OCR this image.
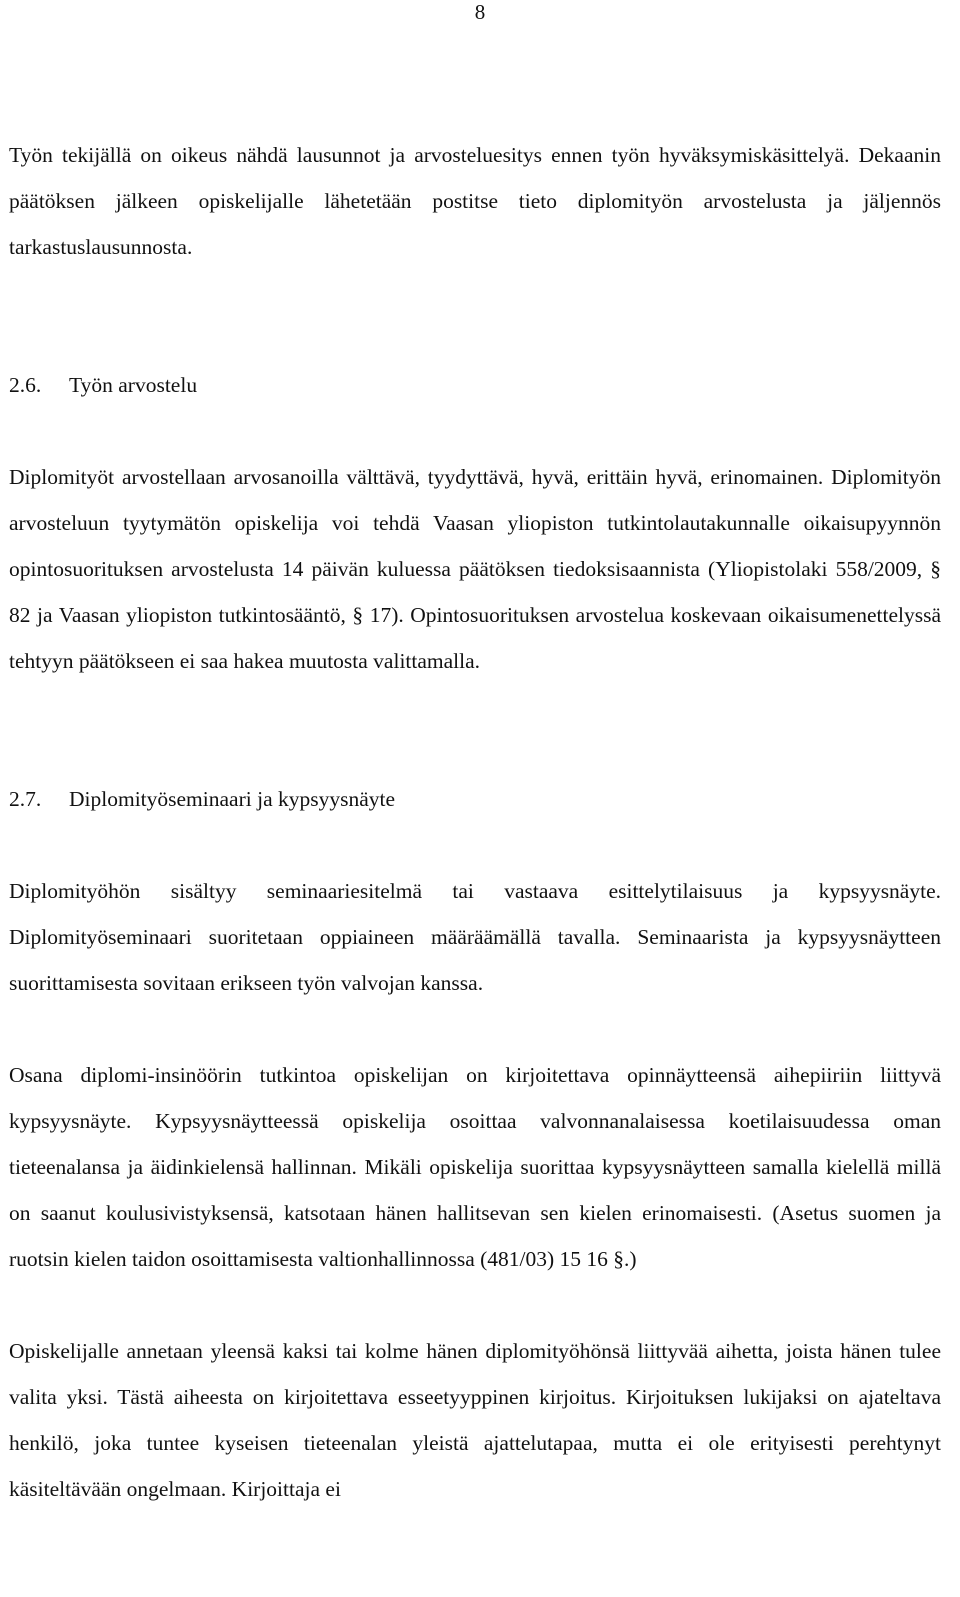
8

Työn tekijällä on oikeus nähdä lausunnot ja arvosteluesitys ennen työn hyväksymiskäsittelyä. Dekaanin päätöksen jälkeen opiskelijalle lähetetään postitse tieto diplomityön arvostelusta ja jäljennös tarkastuslausunnosta.

2.6. Työn arvostelu

Diplomityöt arvostellaan arvosanoilla välttävä, tyydyttävä, hyvä, erittäin hyvä, erinomainen. Diplomityön arvosteluun tyytymätön opiskelija voi tehdä Vaasan yliopiston tutkintolautakunnalle oikaisupyynnön opintosuorituksen arvostelusta 14 päivän kuluessa päätöksen tiedoksisaannista (Yliopistolaki 558/2009, § 82 ja Vaasan yliopiston tutkintosääntö, § 17). Opintosuorituksen arvostelua koskevaan oikaisumenettelyssä tehtyyn päätökseen ei saa hakea muutosta valittamalla.

2.7. Diplomityöseminaari ja kypsyysnäyte

Diplomityöhön sisältyy seminaariesitelmä tai vastaava esittelytilaisuus ja kypsyysnäyte. Diplomityöseminaari suoritetaan oppiaineen määräämällä tavalla. Seminaarista ja kypsyysnäytteen suorittamisesta sovitaan erikseen työn valvojan kanssa.

Osana diplomi-insinöörin tutkintoa opiskelijan on kirjoitettava opinnäytteensä aihepiiriin liittyvä kypsyysnäyte. Kypsyysnäytteessä opiskelija osoittaa valvonnanalaisessa koetilaisuudessa oman tieteenalansa ja äidinkielensä hallinnan. Mikäli opiskelija suorittaa kypsyysnäytteen samalla kielellä millä on saanut koulusivistyksensä, katsotaan hänen hallitsevan sen kielen erinomaisesti. (Asetus suomen ja ruotsin kielen taidon osoittamisesta valtionhallinnossa (481/03) 15 16 §.)

Opiskelijalle annetaan yleensä kaksi tai kolme hänen diplomityöhönsä liittyvää aihetta, joista hänen tulee valita yksi. Tästä aiheesta on kirjoitettava esseetyyppinen kirjoitus. Kirjoituksen lukijaksi on ajateltava henkilö, joka tuntee kyseisen tieteenalan yleistä ajattelutapaa, mutta ei ole erityisesti perehtynyt käsiteltävään ongelmaan. Kirjoittaja ei
